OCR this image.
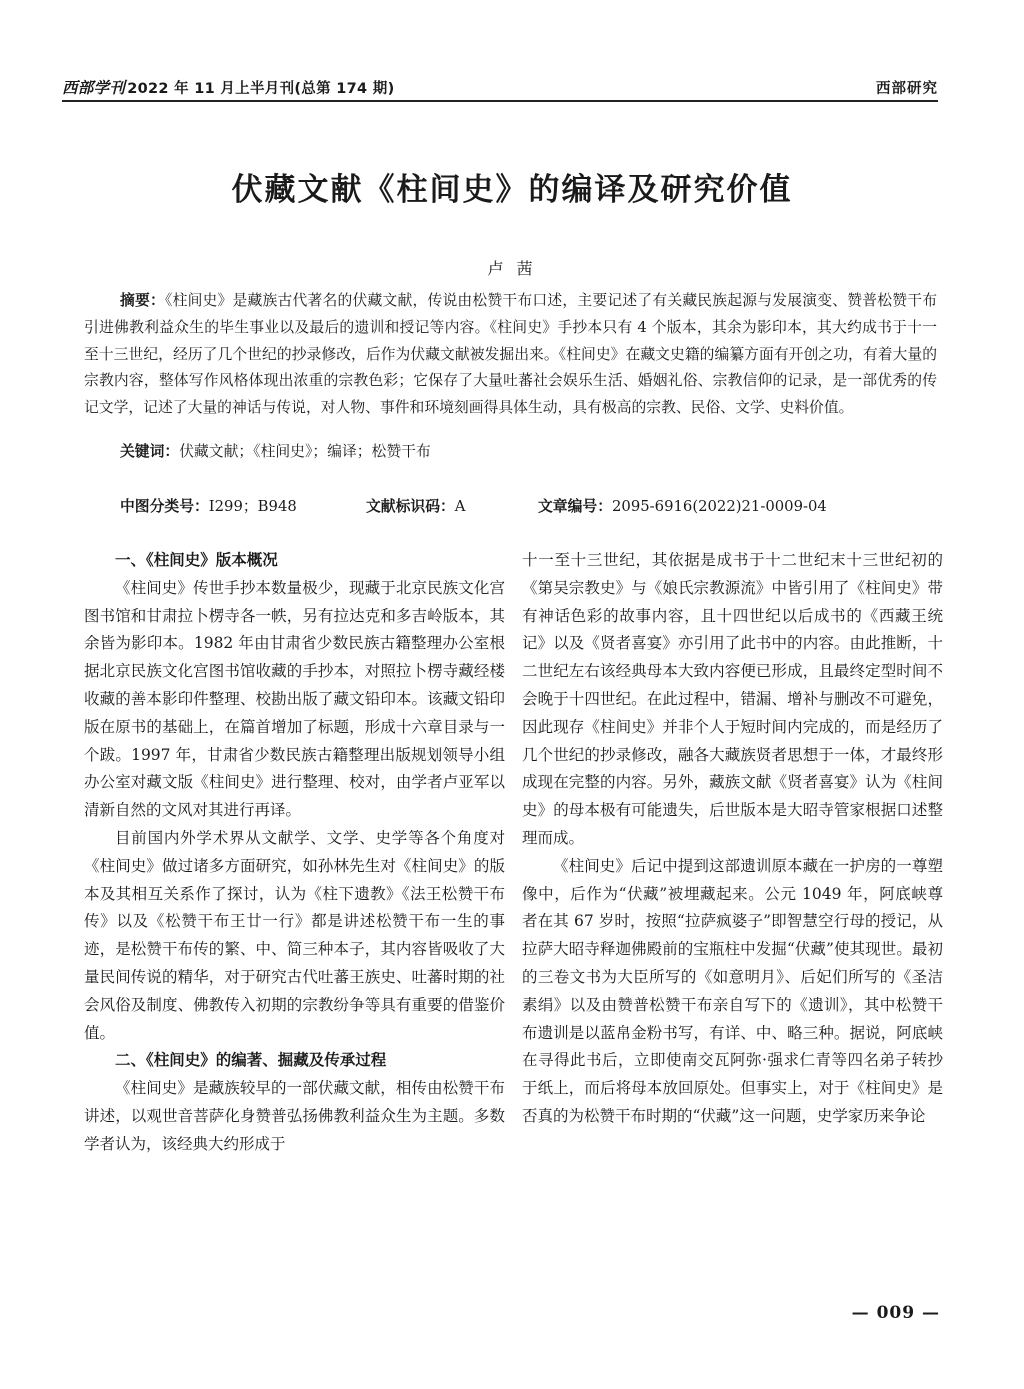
西部学刊 2022 年 11 月上半月刊(总第 174 期)	西部研究
伏藏文献《柱间史》的编译及研究价值
卢 茜

摘要：《柱间史》是藏族古代著名的伏藏文献，传说由松赞干布口述，主要记述了有关藏民族起源与发展演变、赞普松赞干布引进佛教利益众生的毕生事业以及最后的遗训和授记等内容。《柱间史》手抄本只有 4 个版本，其余为影印本，其大约成书于十一至十三世纪，经历了几个世纪的抄录修改，后作为伏藏文献被发掘出来。《柱间史》在藏文史籍的编纂方面有开创之功，有着大量的宗教内容，整体写作风格体现出浓重的宗教色彩；它保存了大量吐蕃社会娱乐生活、婚姻礼俗、宗教信仰的记录，是一部优秀的传记文学，记述了大量的神话与传说，对人物、事件和环境刻画得具体生动，具有极高的宗教、民俗、文学、史料价值。

关键词：伏藏文献；《柱间史》；编译；松赞干布
中图分类号：I299；B948	文献标识码：A	文章编号：2095-6916(2022)21-0009-04
一、《柱间史》版本概况

《柱间史》传世手抄本数量极少，现藏于北京民族文化宫图书馆和甘肃拉卜楞寺各一帙，另有拉达克和多吉岭版本，其余皆为影印本。1982 年由甘肃省少数民族古籍整理办公室根据北京民族文化宫图书馆收藏的手抄本，对照拉卜楞寺藏经楼收藏的善本影印件整理、校勘出版了藏文铅印本。该藏文铅印版在原书的基础上，在篇首增加了标题，形成十六章目录与一个跋。1997 年，甘肃省少数民族古籍整理出版规划领导小组办公室对藏文版《柱间史》进行整理、校对，由学者卢亚军以清新自然的文风对其进行再译。

目前国内外学术界从文献学、文学、史学等各个角度对《柱间史》做过诸多方面研究，如孙林先生对《柱间史》的版本及其相互关系作了探讨，认为《柱下遗教》《法王松赞干布传》以及《松赞干布王廿一行》都是讲述松赞干布一生的事迹，是松赞干布传的繁、中、简三种本子，其内容皆吸收了大量民间传说的精华，对于研究古代吐蕃王族史、吐蕃时期的社会风俗及制度、佛教传入初期的宗教纷争等具有重要的借鉴价值。

二、《柱间史》的编著、掘藏及传承过程

《柱间史》是藏族较早的一部伏藏文献，相传由松赞干布讲述，以观世音菩萨化身赞普弘扬佛教利益众生为主题。多数学者认为，该经典大约形成于

十一至十三世纪，其依据是成书于十二世纪末十三世纪初的《第吴宗教史》与《娘氏宗教源流》中皆引用了《柱间史》带有神话色彩的故事内容，且十四世纪以后成书的《西藏王统记》以及《贤者喜宴》亦引用了此书中的内容。由此推断，十二世纪左右该经典母本大致内容便已形成，且最终定型时间不会晚于十四世纪。在此过程中，错漏、增补与删改不可避免，因此现存《柱间史》并非个人于短时间内完成的，而是经历了几个世纪的抄录修改，融各大藏族贤者思想于一体，才最终形成现在完整的内容。另外，藏族文献《贤者喜宴》认为《柱间史》的母本极有可能遗失，后世版本是大昭寺管家根据口述整理而成。

《柱间史》后记中提到这部遗训原本藏在一护房的一尊塑像中，后作为“伏藏”被埋藏起来。公元 1049 年，阿底峡尊者在其 67 岁时，按照“拉萨疯婆子”即智慧空行母的授记，从拉萨大昭寺释迦佛殿前的宝瓶柱中发掘“伏藏”使其现世。最初的三卷文书为大臣所写的《如意明月》、后妃们所写的《圣洁素绢》以及由赞普松赞干布亲自写下的《遗训》，其中松赞干布遗训是以蓝帛金粉书写，有详、中、略三种。据说，阿底峡在寻得此书后，立即使南交瓦阿弥·强求仁青等四名弟子转抄于纸上，而后将母本放回原处。但事实上，对于《柱间史》是否真的为松赞干布时期的“伏藏”这一问题，史学家历来争论

— 009 —
